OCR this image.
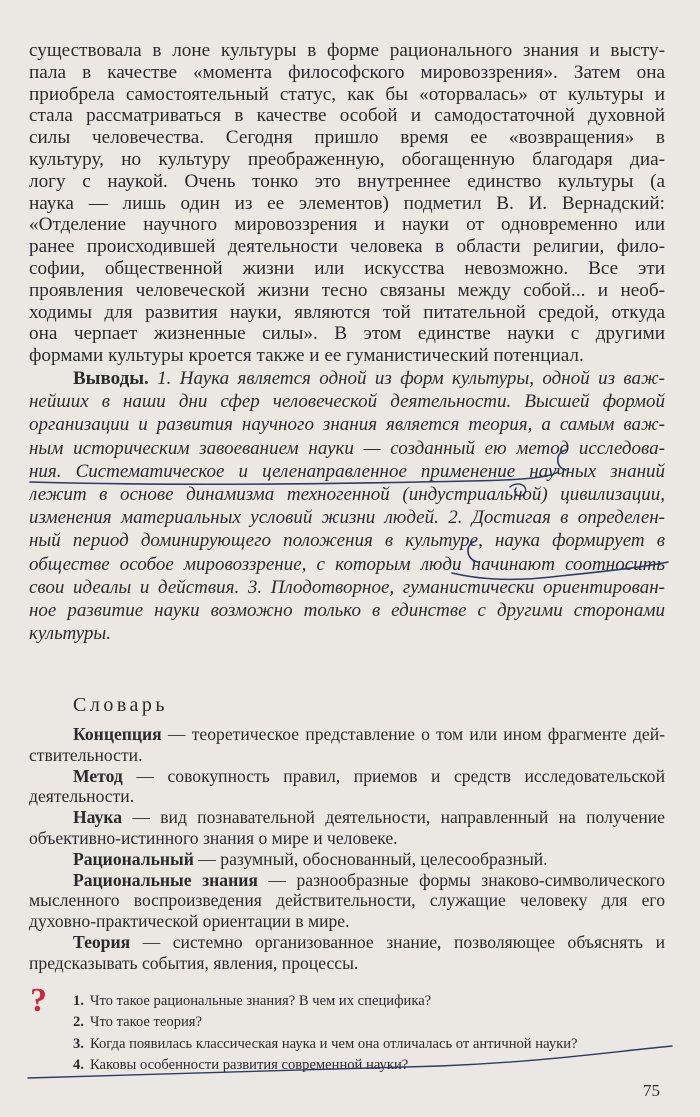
существовала в лоне культуры в форме рационального знания и высту-
пала в качестве «момента философского мировоззрения». Затем она
приобрела самостоятельный статус, как бы «оторвалась» от культуры и
стала рассматриваться в качестве особой и самодостаточной духовной
силы человечества. Сегодня пришло время ее «возвращения» в
культуру, но культуру преображенную, обогащенную благодаря диа-
логу с наукой. Очень тонко это внутреннее единство культуры (а
наука — лишь один из ее элементов) подметил В. И. Вернадский:
«Отделение научного мировоззрения и науки от одновременно или
ранее происходившей деятельности человека в области религии, фило-
софии, общественной жизни или искусства невозможно. Все эти
проявления человеческой жизни тесно связаны между собой... и необ-
ходимы для развития науки, являются той питательной средой, откуда
она черпает жизненные силы». В этом единстве науки с другими
формами культуры кроется также и ее гуманистический потенциал.
Выводы. 1. Наука является одной из форм культуры, одной из важ-
нейших в наши дни сфер человеческой деятельности. Высшей формой
организации и развития научного знания является теория, а самым важ-
ным историческим завоеванием науки — созданный ею метод исследова-
ния. Систематическое и целенаправленное применение научных знаний
лежит в основе динамизма техногенной (индустриальной) цивилизации,
изменения материальных условий жизни людей. 2. Достигая в определен-
ный период доминирующего положения в культуре, наука формирует в
обществе особое мировоззрение, с которым люди начинают соотносить
свои идеалы и действия. 3. Плодотворное, гуманистически ориентирован-
ное развитие науки возможно только в единстве с другими сторонами
культуры.
Словарь
Концепция — теоретическое представление о том или ином фрагменте дей-
ствительности.
Метод — совокупность правил, приемов и средств исследовательской
деятельности.
Наука — вид познавательной деятельности, направленный на получение
объективно-истинного знания о мире и человеке.
Рациональный — разумный, обоснованный, целесообразный.
Рациональные знания — разнообразные формы знаково-символического
мысленного воспроизведения действительности, служащие человеку для его
духовно-практической ориентации в мире.
Теория — системно организованное знание, позволяющее объяснять и
предсказывать события, явления, процессы.
? 1. Что такое рациональные знания? В чем их специфика?
2. Что такое теория?
3. Когда появилась классическая наука и чем она отличалась от античной науки?
4. Каковы особенности развития современной науки?
75
